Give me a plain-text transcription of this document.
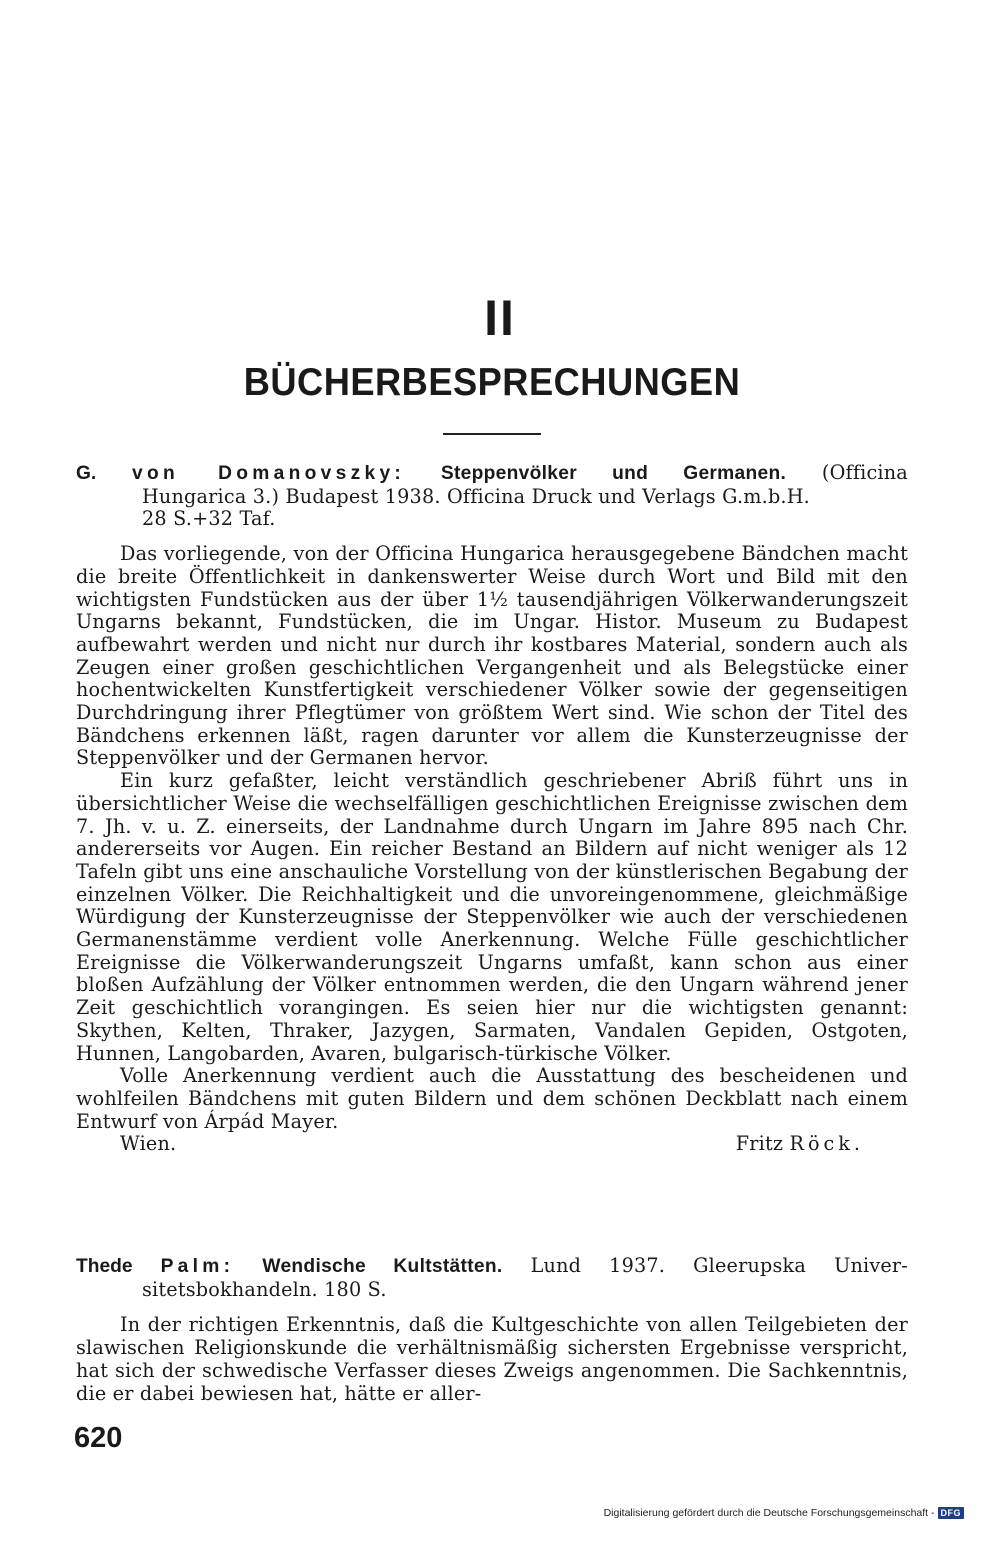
II
BÜCHERBESPRECHUNGEN

G. von Domanovszky: Steppenvölker und Germanen. (Officina

Hungarica 3.) Budapest 1938. Officina Druck und Verlags G.m.b.H.

28 S.+32 Taf.

Das vorliegende, von der Officina Hungarica herausgegebene Bändchen macht die breite Öffentlichkeit in dankenswerter Weise durch Wort und Bild mit den wichtigsten Fundstücken aus der über 1½ tausendjährigen Völkerwanderungszeit Ungarns bekannt, Fundstücken, die im Ungar. Histor. Museum zu Budapest aufbewahrt werden und nicht nur durch ihr kostbares Material, sondern auch als Zeugen einer großen geschichtlichen Vergangenheit und als Belegstücke einer hochentwickelten Kunstfertigkeit verschiedener Völker sowie der gegenseitigen Durchdringung ihrer Pflegtümer von größtem Wert sind. Wie schon der Titel des Bändchens erkennen läßt, ragen darunter vor allem die Kunsterzeugnisse der Steppenvölker und der Germanen hervor.

Ein kurz gefaßter, leicht verständlich geschriebener Abriß führt uns in übersichtlicher Weise die wechselfälligen geschichtlichen Ereignisse zwischen dem 7. Jh. v. u. Z. einerseits, der Landnahme durch Ungarn im Jahre 895 nach Chr. andererseits vor Augen. Ein reicher Bestand an Bildern auf nicht weniger als 12 Tafeln gibt uns eine anschauliche Vorstellung von der künstlerischen Begabung der einzelnen Völker. Die Reichhaltigkeit und die unvoreingenommene, gleichmäßige Würdigung der Kunsterzeugnisse der Steppenvölker wie auch der verschiedenen Germanenstämme verdient volle Anerkennung. Welche Fülle geschichtlicher Ereignisse die Völkerwanderungszeit Ungarns umfaßt, kann schon aus einer bloßen Aufzählung der Völker entnommen werden, die den Ungarn während jener Zeit geschichtlich vorangingen. Es seien hier nur die wichtigsten genannt: Skythen, Kelten, Thraker, Jazygen, Sarmaten, Vandalen Gepiden, Ostgoten, Hunnen, Langobarden, Avaren, bulgarisch-türkische Völker.

Volle Anerkennung verdient auch die Ausstattung des bescheidenen und wohlfeilen Bändchens mit guten Bildern und dem schönen Deckblatt nach einem Entwurf von Árpád Mayer.

Wien.	Fritz Röck.

Thede Palm: Wendische Kultstätten. Lund 1937. Gleerupska Univer-

sitetsbokhandeln. 180 S.

In der richtigen Erkenntnis, daß die Kultgeschichte von allen Teilgebieten der slawischen Religionskunde die verhältnismäßig sichersten Ergebnisse verspricht, hat sich der schwedische Verfasser dieses Zweigs angenommen. Die Sachkenntnis, die er dabei bewiesen hat, hätte er aller-

620
Digitalisierung gefördert durch die Deutsche Forschungsgemeinschaft - DFG
